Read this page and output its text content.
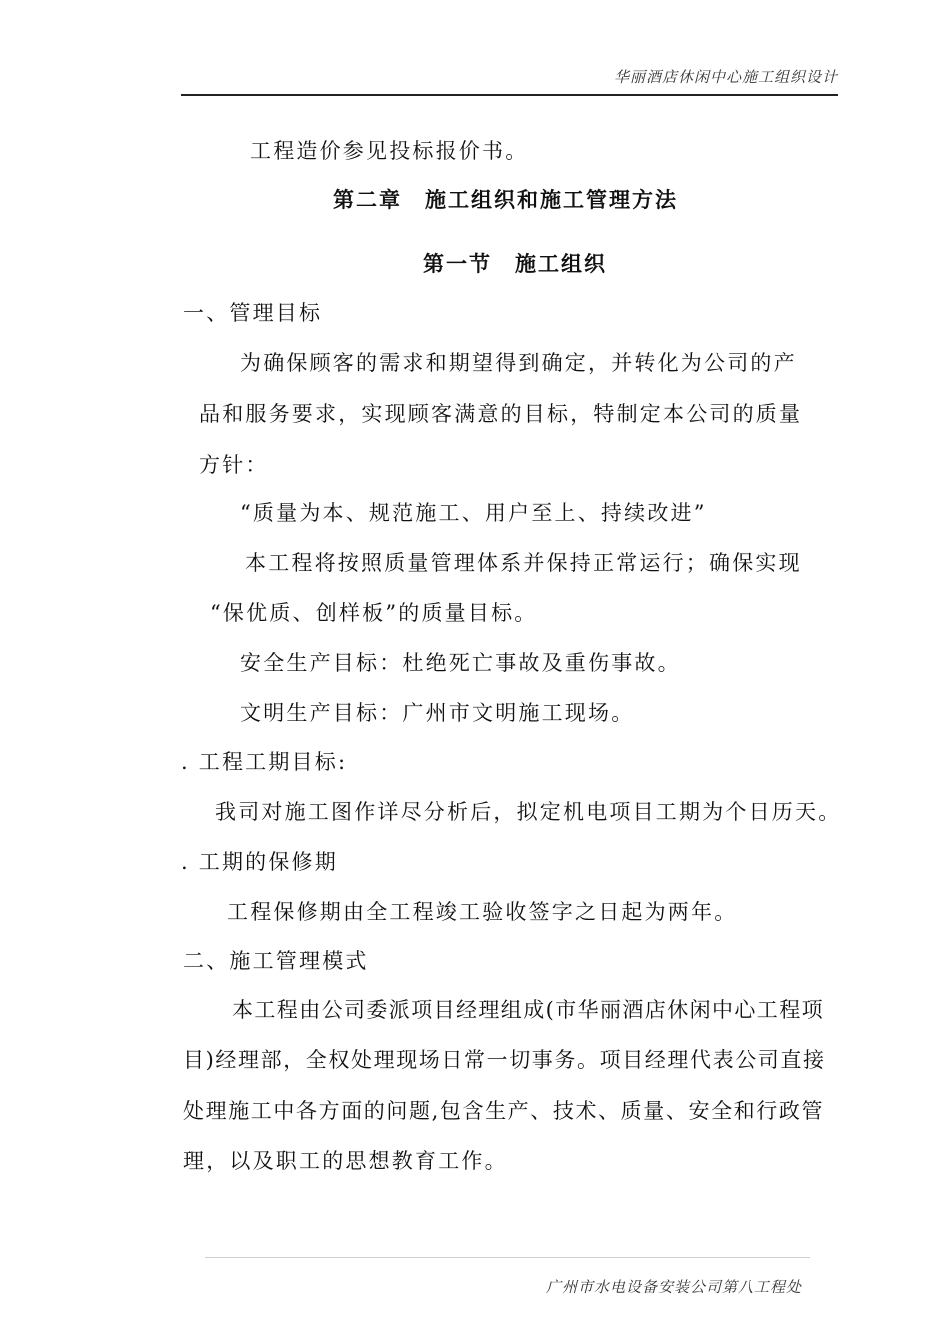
华丽酒店休闲中心施工组织设计
工程造价参见投标报价书。
第二章　施工组织和施工管理方法
第一节　施工组织
一、管理目标
为确保顾客的需求和期望得到确定，并转化为公司的产
品和服务要求，实现顾客满意的目标，特制定本公司的质量
方针：
“质量为本、规范施工、用户至上、持续改进”
本工程将按照质量管理体系并保持正常运行；确保实现
“保优质、创样板”的质量目标。
安全生产目标：杜绝死亡事故及重伤事故。
文明生产目标：广州市文明施工现场。
. 工程工期目标:
我司对施工图作详尽分析后，拟定机电项目工期为个日历天。
. 工期的保修期
工程保修期由全工程竣工验收签字之日起为两年。
二、施工管理模式
本工程由公司委派项目经理组成(市华丽酒店休闲中心工程项
目)经理部，全权处理现场日常一切事务。项目经理代表公司直接
处理施工中各方面的问题,包含生产、技术、质量、安全和行政管
理，以及职工的思想教育工作。
广州市水电设备安装公司第八工程处
